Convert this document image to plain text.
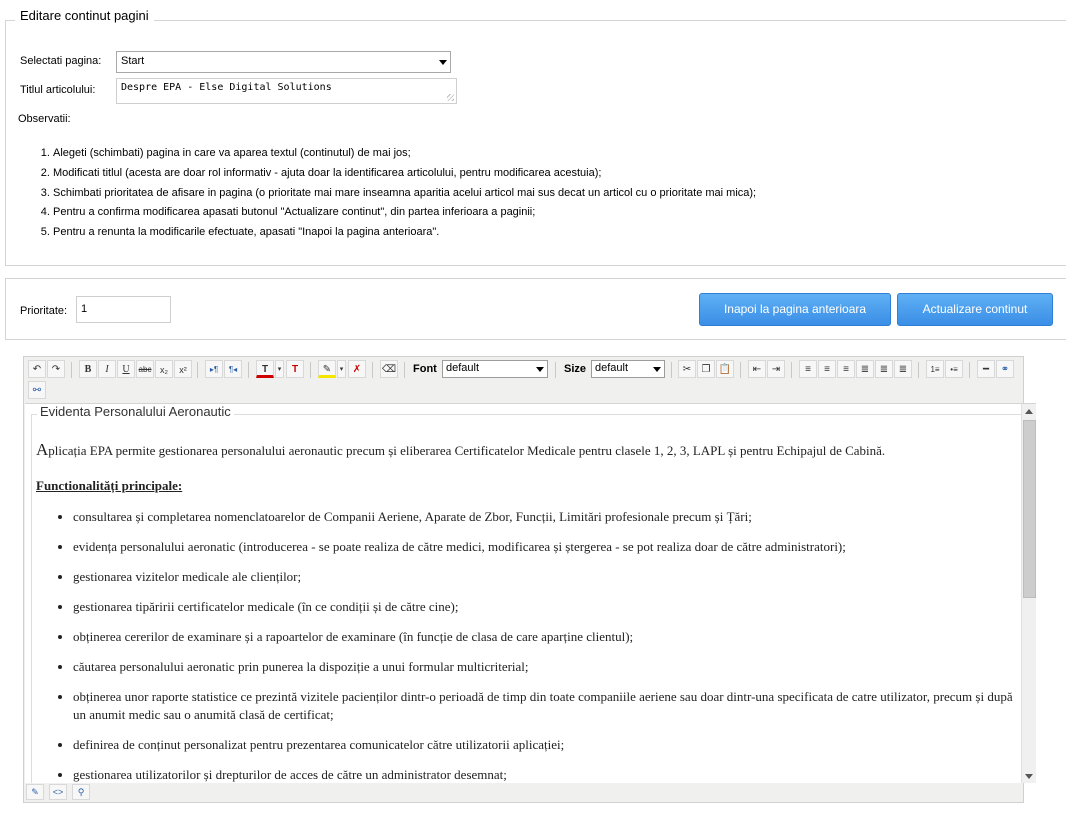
Editare continut pagini
Selectati pagina:	Start
Titlul articolului:	Despre EPA - Else Digital Solutions
Observatii:
1. Alegeti (schimbati) pagina in care va aparea textul (continutul) de mai jos;
2. Modificati titlul (acesta are doar rol informativ - ajuta doar la identificarea articolului, pentru modificarea acestuia);
3. Schimbati prioritatea de afisare in pagina (o prioritate mai mare inseamna aparitia acelui articol mai sus decat un articol cu o prioritate mai mica);
4. Pentru a confirma modificarea apasati butonul "Actualizare continut", din partea inferioara a paginii;
5. Pentru a renunta la modificarile efectuate, apasati "Inapoi la pagina anterioara".
Prioritate:	1	Inapoi la pagina anterioara	Actualizare continut
↶	↷	B	I	U	abc x₂	x²	▸¶	¶◂	T	▾	T	✎	▾ ✗	⌫ Font default	Size default	✂	❐ 📋	⇤	⇥	≡	≡	≡	≣	≣	≣	1≡	•≡	━	⚭
⚯
Evidenta Personalului Aeronautic
Aplicația EPA permite gestionarea personalului aeronautic precum și eliberarea Certificatelor Medicale pentru clasele 1, 2, 3, LAPL și pentru Echipajul de Cabină.
Functionalități principale:
• consultarea și completarea nomenclatoarelor de Companii Aeriene, Aparate de Zbor, Funcții, Limitări profesionale precum și Țări;
• evidența personalului aeronatic (introducerea - se poate realiza de către medici, modificarea și ștergerea - se pot realiza doar de către administratori);
• gestionarea vizitelor medicale ale clienților;
• gestionarea tipăririi certificatelor medicale (în ce condiții și de către cine);
• obținerea cererilor de examinare și a rapoartelor de examinare (în funcție de clasa de care aparține clientul);
• căutarea personalului aeronatic prin punerea la dispoziție a unui formular multicriterial;
• obținerea unor raporte statistice ce prezintă vizitele pacienților dintr-o perioadă de timp din toate companiile aeriene sau doar dintr-una specificata de catre utilizator, precum și după un anumit medic sau o anumită clasă de certificat;
• definirea de conținut personalizat pentru prezentarea comunicatelor către utilizatorii aplicației;
• gestionarea utilizatorilor și drepturilor de acces de către un administrator desemnat;
✎	<>	⚲
